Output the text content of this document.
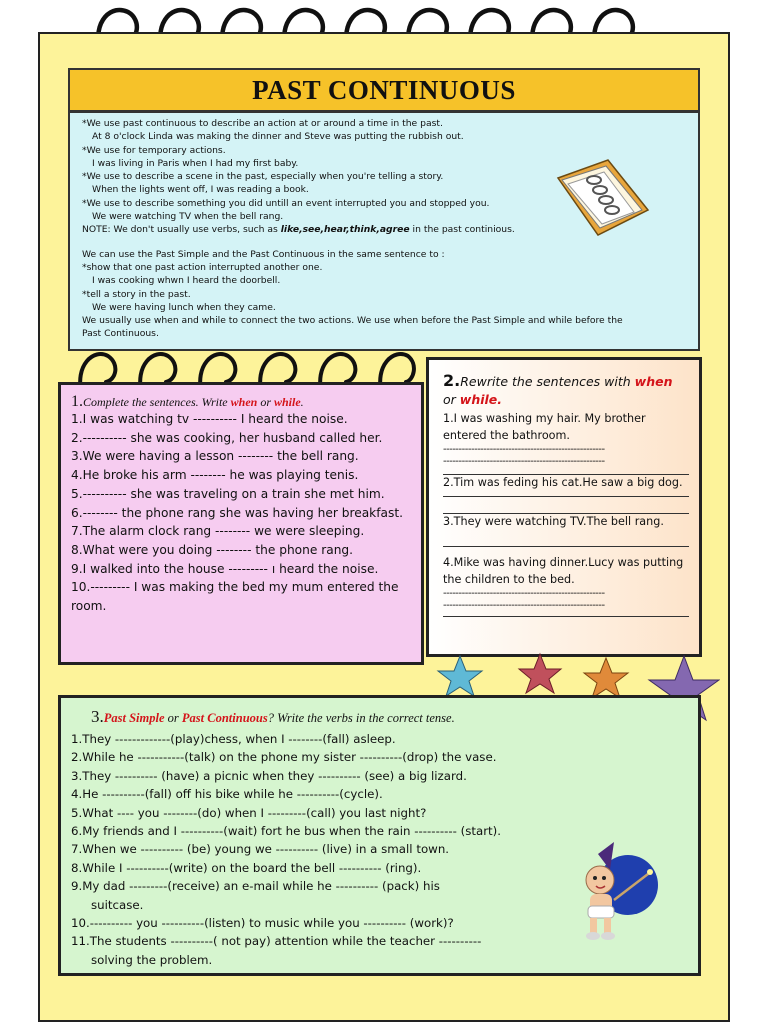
PAST CONTINUOUS

*We use past continuous to describe an action at or around a time in the past.

At 8 o'clock Linda was making the dinner and Steve was putting the rubbish out.

*We use for temporary actions.

I was living in Paris when I had my first baby.

*We use to describe a scene in the past, especially when you're telling a story.

When the lights went off, I was reading a book.

*We use to describe something you did untill an event interrupted you and stopped you.

We were watching TV when the bell rang.

NOTE: We don't usually use verbs, such as like,see,hear,think,agree in the past continious.

We can use the Past Simple and the Past Continuous in the same sentence to :

*show that one past action interrupted another one.

I was cooking whwn I heard the doorbell.

*tell a story in the past.

We were having lunch when they came.

We usually use when and while to connect the two actions. We use when before the Past Simple and while before the

Past Continuous.

1.Complete the sentences. Write when or while.

1.I was watching tv ---------- I heard the noise.

2.---------- she was cooking, her husband called her.

3.We were having a lesson -------- the bell rang.

4.He broke his arm -------- he was playing tenis.

5.---------- she was traveling on a train she met him.

6.-------- the phone rang she was having her breakfast.

7.The alarm clock rang -------- we were sleeping.

8.What were you doing -------- the phone rang.

9.I walked into the house --------- ı heard the noise.

10.--------- I was making the bed my mum entered the room.

2.Rewrite the sentences with when
or while.

1.I was washing my hair. My brother entered the bathroom.

----------------------------------------------------
----------------------------------------------------

2.Tim was feding his cat.He saw a big dog.

3.They were watching TV.The bell rang.

4.Mike was having dinner.Lucy was putting the children to the bed.

----------------------------------------------------
----------------------------------------------------

3.Past Simple or Past Continuous? Write the verbs in the correct tense.

1.They -------------(play)chess, when I --------(fall) asleep.

2.While he -----------(talk) on the phone my sister ----------(drop) the vase.

3.They ---------- (have) a picnic when they ---------- (see) a big lizard.

4.He ----------(fall) off his bike while he ----------(cycle).

5.What ---- you --------(do) when I ---------(call) you last night?

6.My friends and I ----------(wait) fort he bus when the rain ---------- (start).

7.When we ---------- (be) young we ---------- (live) in a small town.

8.While I ----------(write) on the board the bell ---------- (ring).

9.My dad ---------(receive) an e-mail while he ---------- (pack) his

suitcase.

10.---------- you ----------(listen) to music while you ---------- (work)?

11.The students ----------( not pay) attention while the teacher ----------

solving the problem.
